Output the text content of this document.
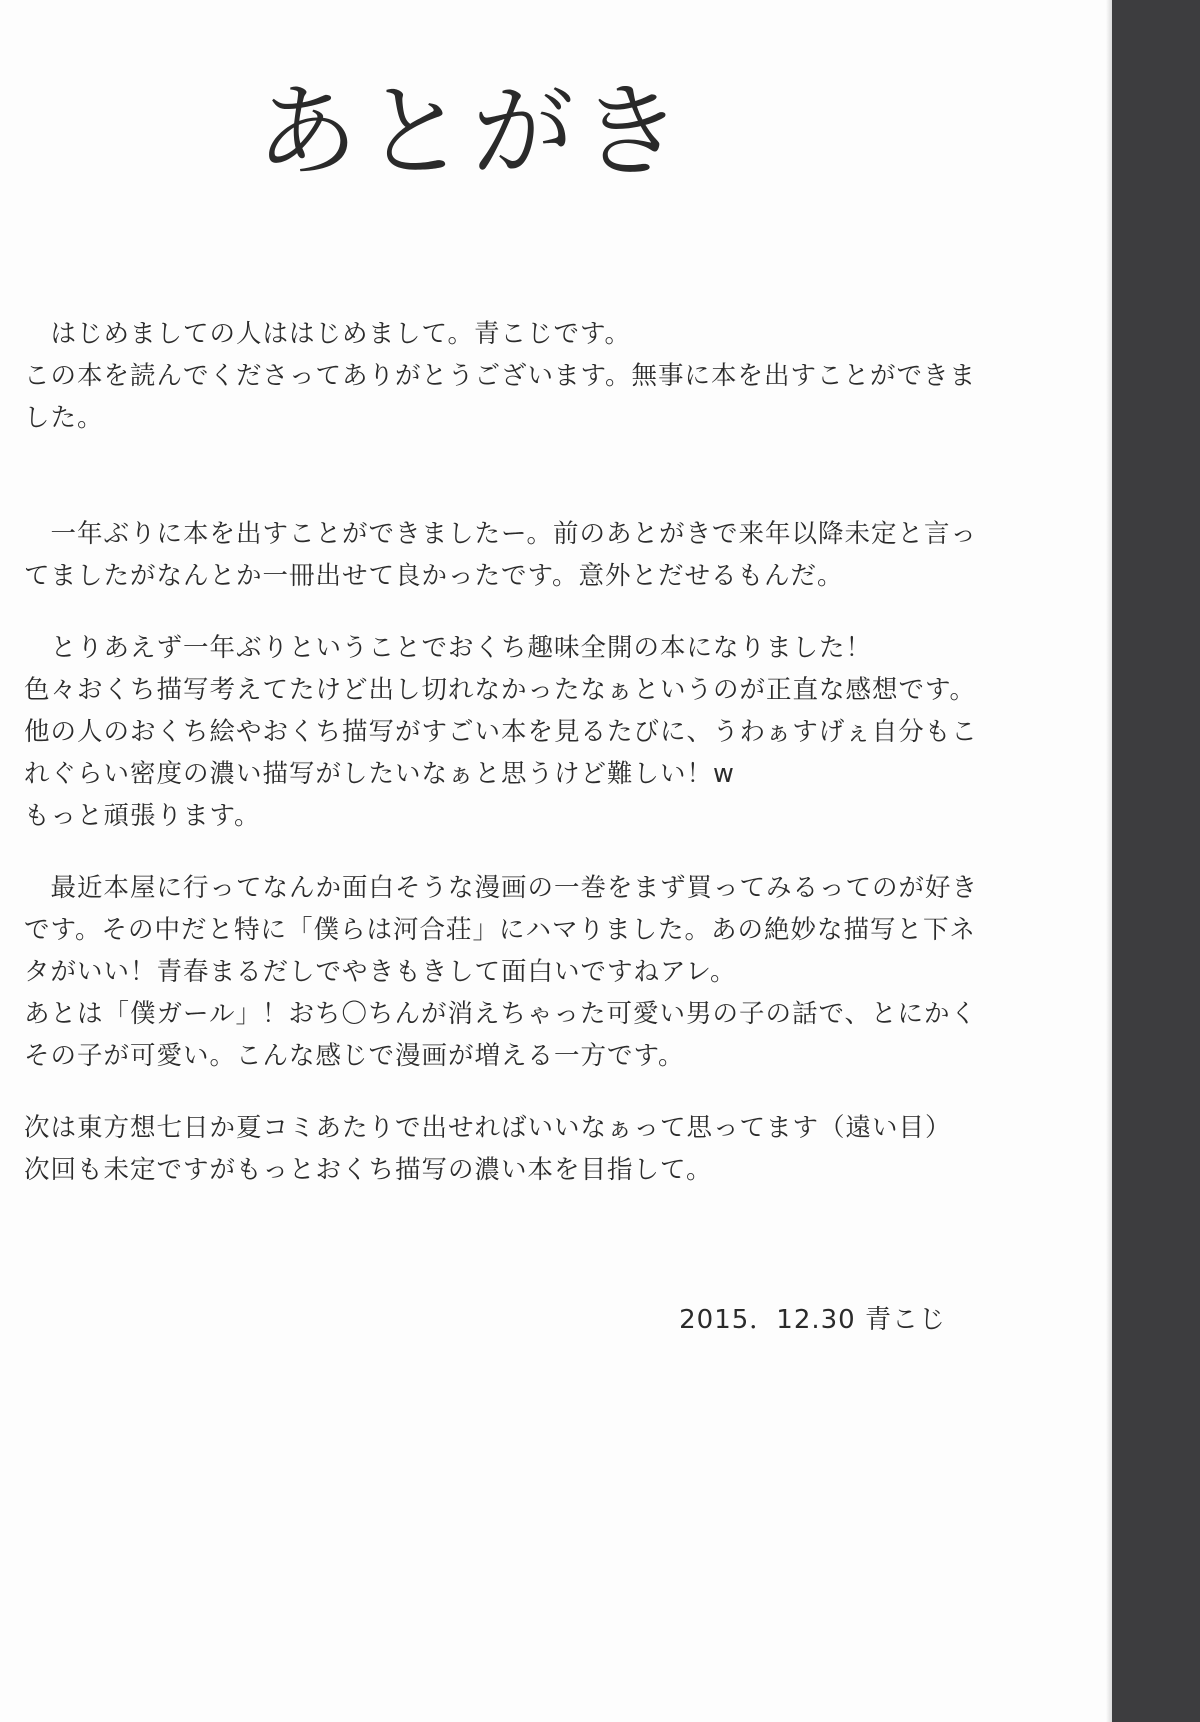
あとがき
　はじめましての人ははじめまして。青こじです。
この本を読んでくださってありがとうございます。無事に本を出すことができま
した。
　一年ぶりに本を出すことができましたー。前のあとがきで来年以降未定と言っ
てましたがなんとか一冊出せて良かったです。意外とだせるもんだ。
　とりあえず一年ぶりということでおくち趣味全開の本になりました！
色々おくち描写考えてたけど出し切れなかったなぁというのが正直な感想です。
他の人のおくち絵やおくち描写がすごい本を見るたびに、うわぁすげぇ自分もこ
れぐらい密度の濃い描写がしたいなぁと思うけど難しい！w
もっと頑張ります。
　最近本屋に行ってなんか面白そうな漫画の一巻をまず買ってみるってのが好き
です。その中だと特に「僕らは河合荘」にハマりました。あの絶妙な描写と下ネ
タがいい！青春まるだしでやきもきして面白いですねアレ。
あとは「僕ガール」！おち〇ちんが消えちゃった可愛い男の子の話で、とにかく
その子が可愛い。こんな感じで漫画が増える一方です。
次は東方想七日か夏コミあたりで出せればいいなぁって思ってます（遠い目）
次回も未定ですがもっとおくち描写の濃い本を目指して。
2015．12.30 青こじ
